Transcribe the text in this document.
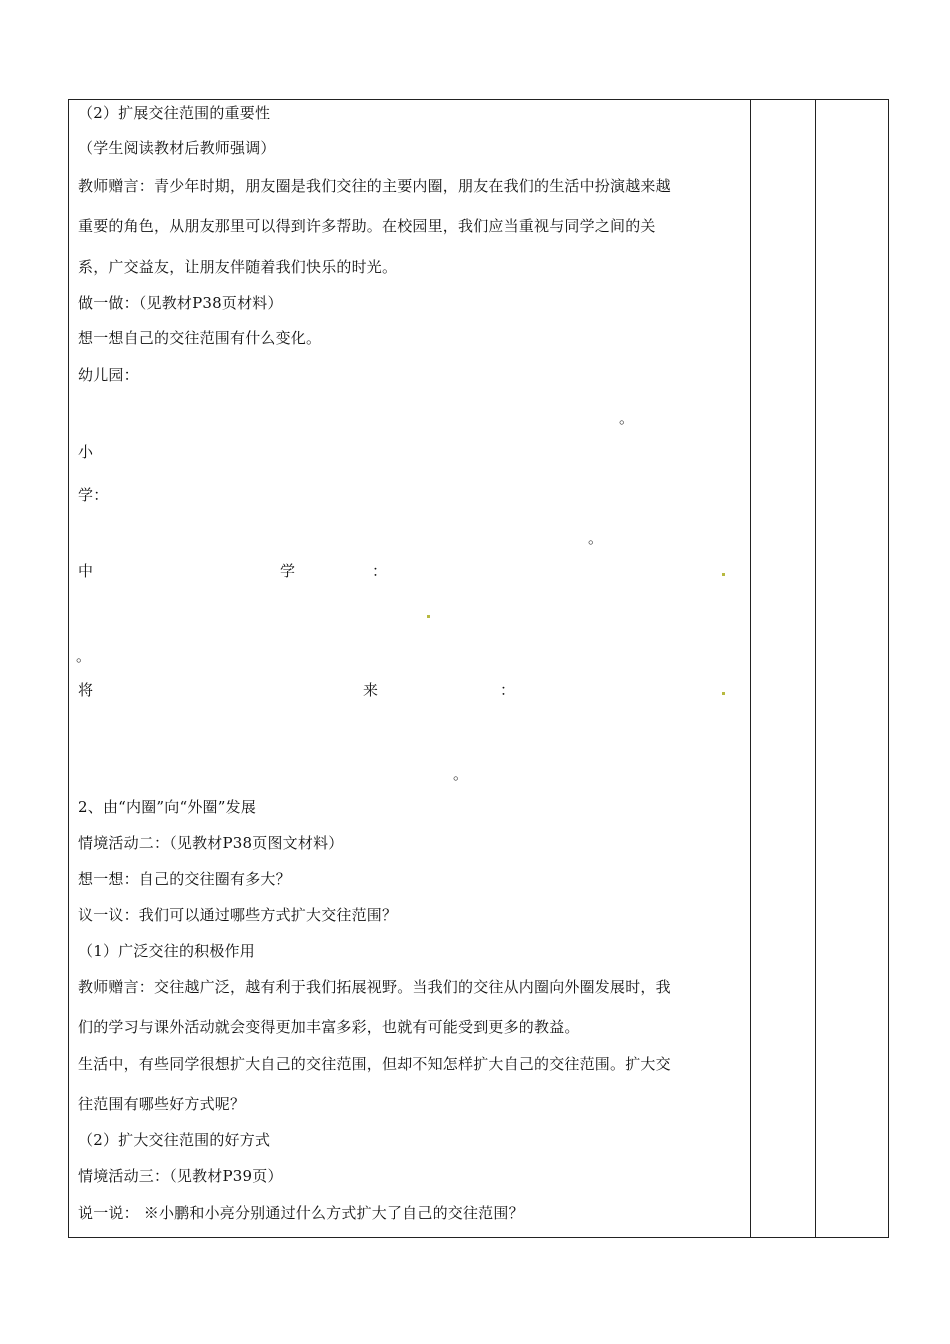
（2）扩展交往范围的重要性
（学生阅读教材后教师强调）
教师赠言：青少年时期，朋友圈是我们交往的主要内圈，朋友在我们的生活中扮演越来越
重要的角色，从朋友那里可以得到许多帮助。在校园里，我们应当重视与同学之间的关
系，广交益友，让朋友伴随着我们快乐的时光。
做一做：（见教材P38页材料）
想一想自己的交往范围有什么变化。
幼儿园：
。
小
学：
。
中	学	：
。
将	来	：
。
2、由“内圈”向“外圈”发展
情境活动二：（见教材P38页图文材料）
想一想：自己的交往圈有多大？
议一议：我们可以通过哪些方式扩大交往范围？
（1）广泛交往的积极作用
教师赠言：交往越广泛，越有利于我们拓展视野。当我们的交往从内圈向外圈发展时，我
们的学习与课外活动就会变得更加丰富多彩，也就有可能受到更多的教益。
生活中，有些同学很想扩大自己的交往范围，但却不知怎样扩大自己的交往范围。扩大交
往范围有哪些好方式呢？
（2）扩大交往范围的好方式
情境活动三：（见教材P39页）
说一说： ※小鹏和小亮分别通过什么方式扩大了自己的交往范围？
